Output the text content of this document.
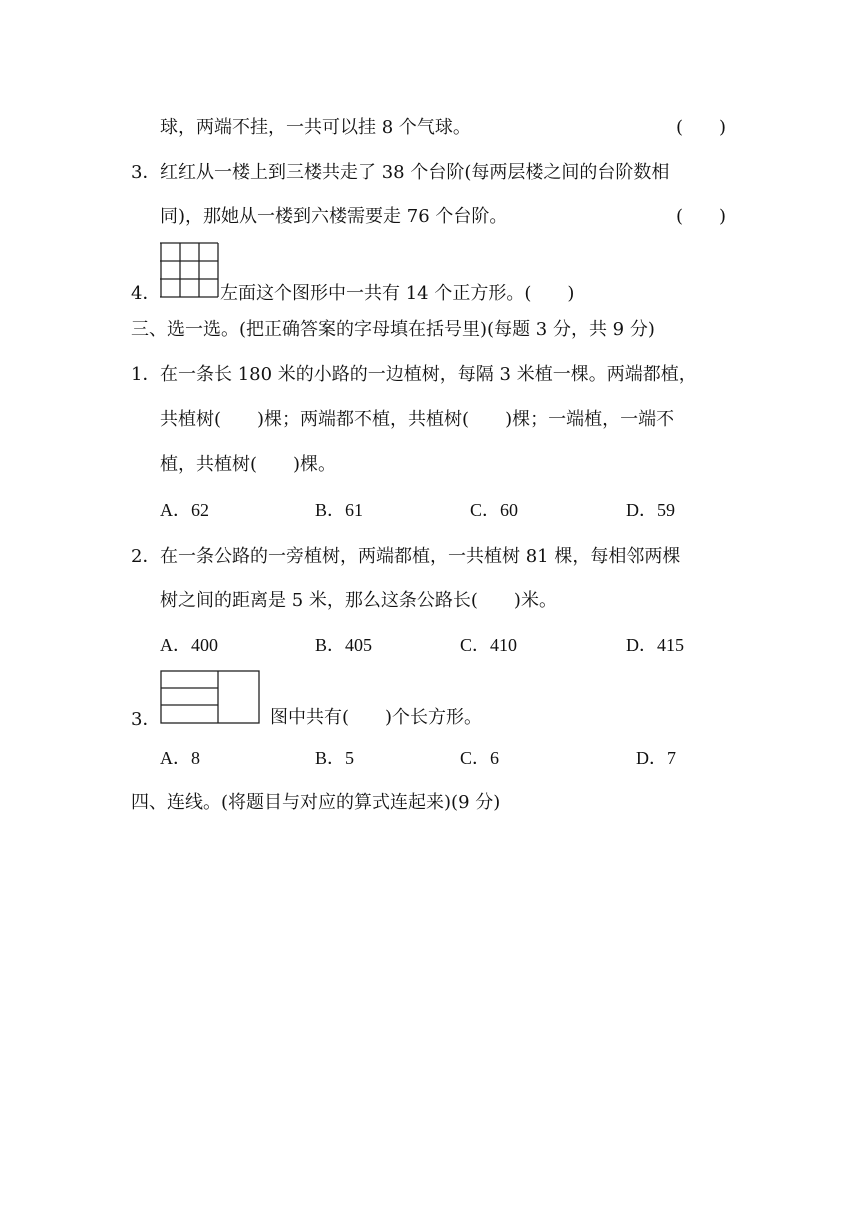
球，两端不挂，一共可以挂 8 个气球。	(　　)
3． 红红从一楼上到三楼共走了 38 个台阶(每两层楼之间的台阶数相
同)，那她从一楼到六楼需要走 76 个台阶。	(　　)
4．	左面这个图形中一共有 14 个正方形。(　　)
三、选一选。(把正确答案的字母填在括号里)(每题 3 分，共 9 分)
1． 在一条长 180 米的小路的一边植树，每隔 3 米植一棵。两端都植，
共植树(　　)棵；两端都不植，共植树(　　)棵；一端植，一端不
植，共植树(　　)棵。
A．62	B．61	C．60	D．59
2． 在一条公路的一旁植树，两端都植，一共植树 81 棵，每相邻两棵
树之间的距离是 5 米，那么这条公路长(　　)米。
A．400	B．405	C．410	D．415
3．	图中共有(　　)个长方形。
A．8	B．5	C．6	D．7
四、连线。(将题目与对应的算式连起来)(9 分)
